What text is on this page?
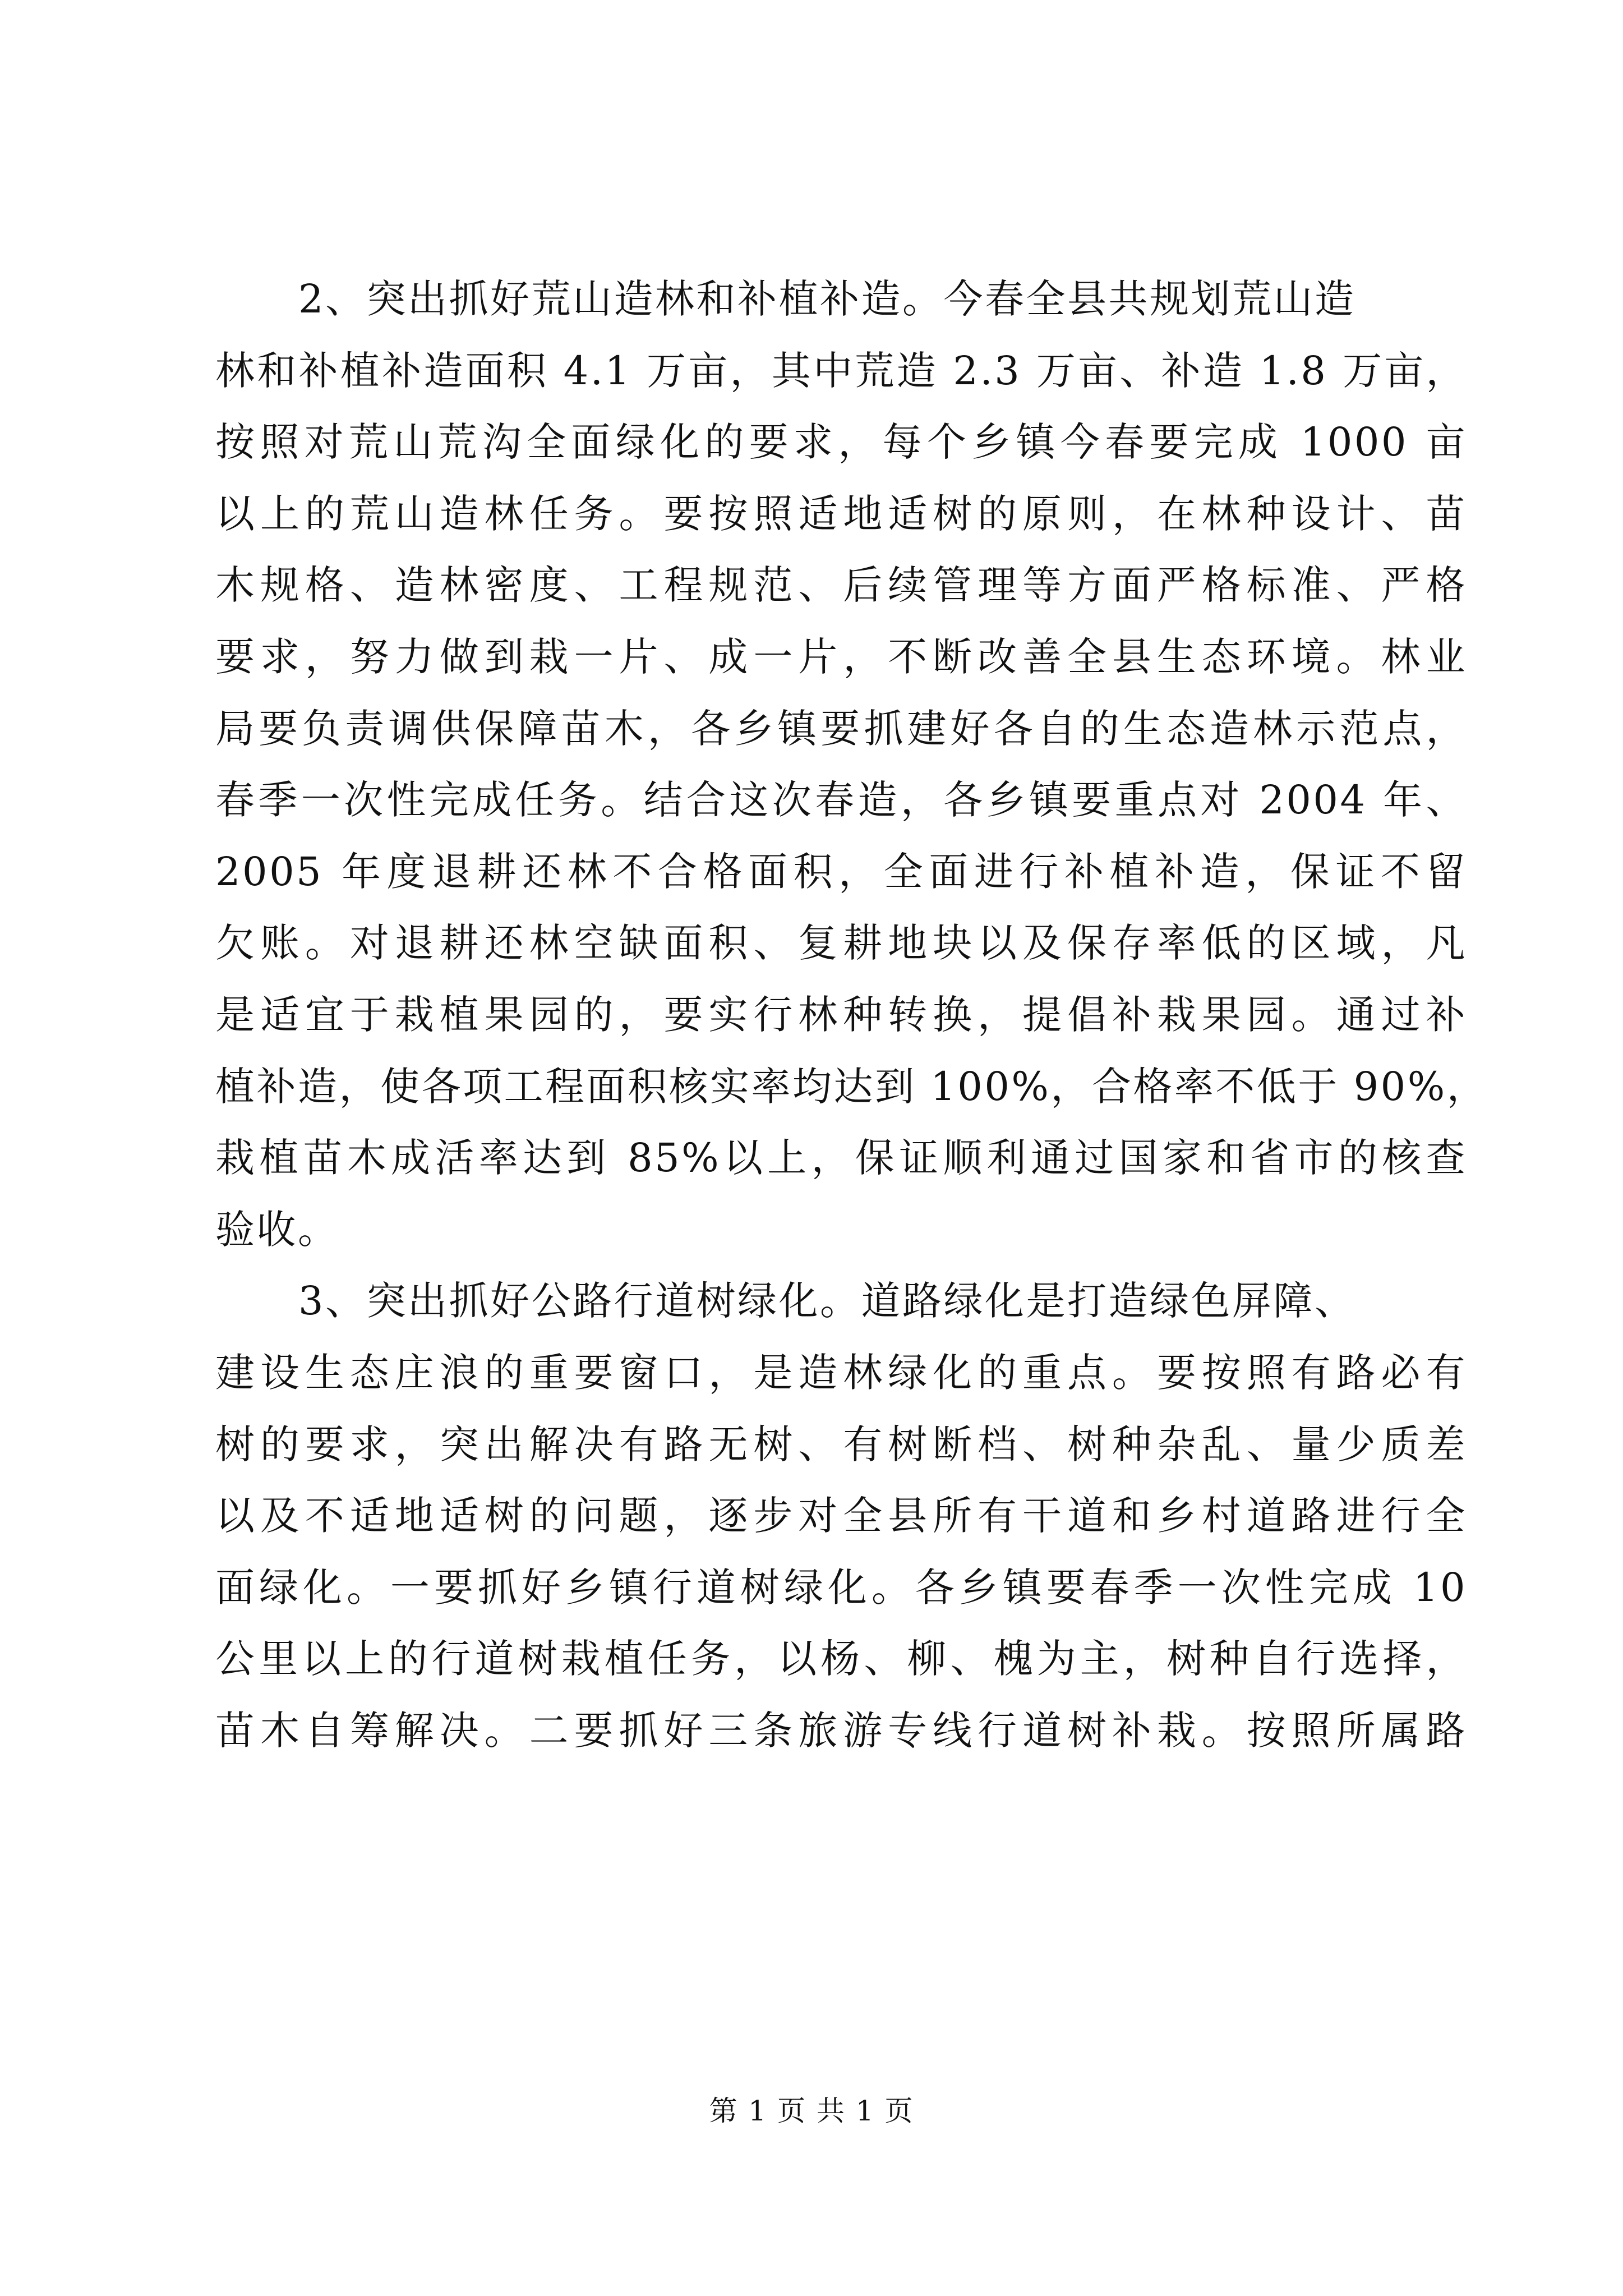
2、突出抓好荒山造林和补植补造。今春全县共规划荒山造
林和补植补造面积 4.1 万亩，其中荒造 2.3 万亩、补造 1.8 万亩，
按照对荒山荒沟全面绿化的要求，每个乡镇今春要完成 1000 亩
以上的荒山造林任务。要按照适地适树的原则，在林种设计、苗
木规格、造林密度、工程规范、后续管理等方面严格标准、严格
要求，努力做到栽一片、成一片，不断改善全县生态环境。林业
局要负责调供保障苗木，各乡镇要抓建好各自的生态造林示范点，
春季一次性完成任务。结合这次春造，各乡镇要重点对 2004 年、
2005 年度退耕还林不合格面积，全面进行补植补造，保证不留
欠账。对退耕还林空缺面积、复耕地块以及保存率低的区域，凡
是适宜于栽植果园的，要实行林种转换，提倡补栽果园。通过补
植补造，使各项工程面积核实率均达到 100%，合格率不低于 90%，
栽植苗木成活率达到 85%以上，保证顺利通过国家和省市的核查
验收。
3、突出抓好公路行道树绿化。道路绿化是打造绿色屏障、
建设生态庄浪的重要窗口，是造林绿化的重点。要按照有路必有
树的要求，突出解决有路无树、有树断档、树种杂乱、量少质差
以及不适地适树的问题，逐步对全县所有干道和乡村道路进行全
面绿化。一要抓好乡镇行道树绿化。各乡镇要春季一次性完成 10
公里以上的行道树栽植任务，以杨、柳、槐为主，树种自行选择，
苗木自筹解决。二要抓好三条旅游专线行道树补栽。按照所属路
第 1 页 共 1 页
